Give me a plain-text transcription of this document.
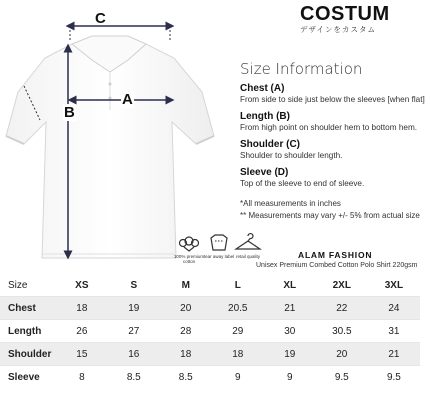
C
B
A
COSTUM
デザインをカスタム
Size Information
Chest (A)
From side to side just below the sleeves [when flat]
Length (B)
From high point on shoulder hem to bottom hem.
Shoulder (C)
Shoulder to shoulder length.
Sleeve (D)
Top of the sleeve to end of sleeve.
*All measurements in inches
** Measurements may vary +/- 5% from actual size
100% premium cotton
tear away label retail quality	ALAM FASHION
Unisex Premium Combed Cotton Polo Shirt 220gsm
Size	XS	S	M	L	XL	2XL	3XL
Chest	18	19	20	20.5	21	22	24
Length	26	27	28	29	30	30.5	31
Shoulder	15	16	18	18	19	20	21
Sleeve	8	8.5	8.5	9	9	9.5	9.5
